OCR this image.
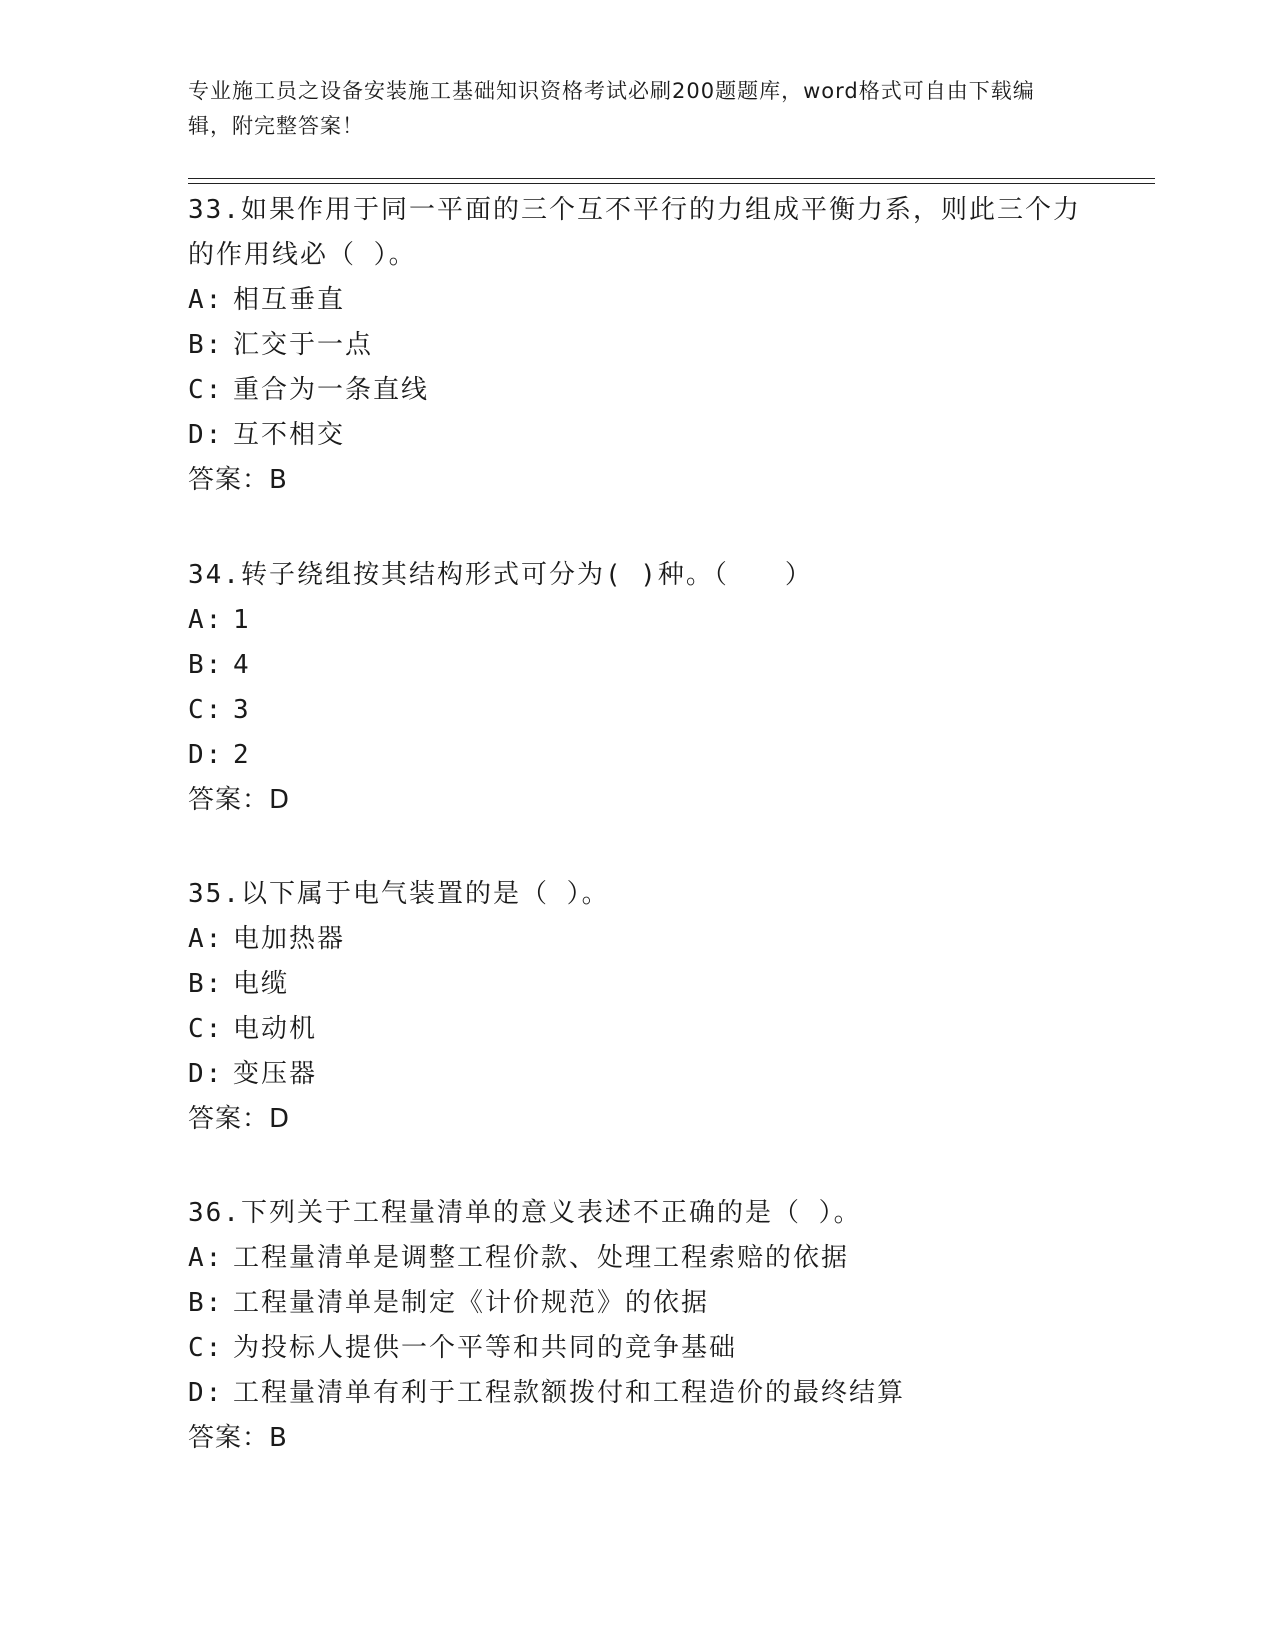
专业施工员之设备安装施工基础知识资格考试必刷200题题库，word格式可自由下载编辑，附完整答案！

33.如果作用于同一平面的三个互不平行的力组成平衡力系，则此三个力的作用线必（ ）。

A: 相互垂直

B: 汇交于一点

C: 重合为一条直线

D: 互不相交

答案：B

34.转子绕组按其结构形式可分为( )种。（　　）

A: 1

B: 4

C: 3

D: 2

答案：D

35.以下属于电气装置的是（ ）。

A: 电加热器

B: 电缆

C: 电动机

D: 变压器

答案：D

36.下列关于工程量清单的意义表述不正确的是（ ）。

A: 工程量清单是调整工程价款、处理工程索赔的依据

B: 工程量清单是制定《计价规范》的依据

C: 为投标人提供一个平等和共同的竞争基础

D: 工程量清单有利于工程款额拨付和工程造价的最终结算

答案：B
